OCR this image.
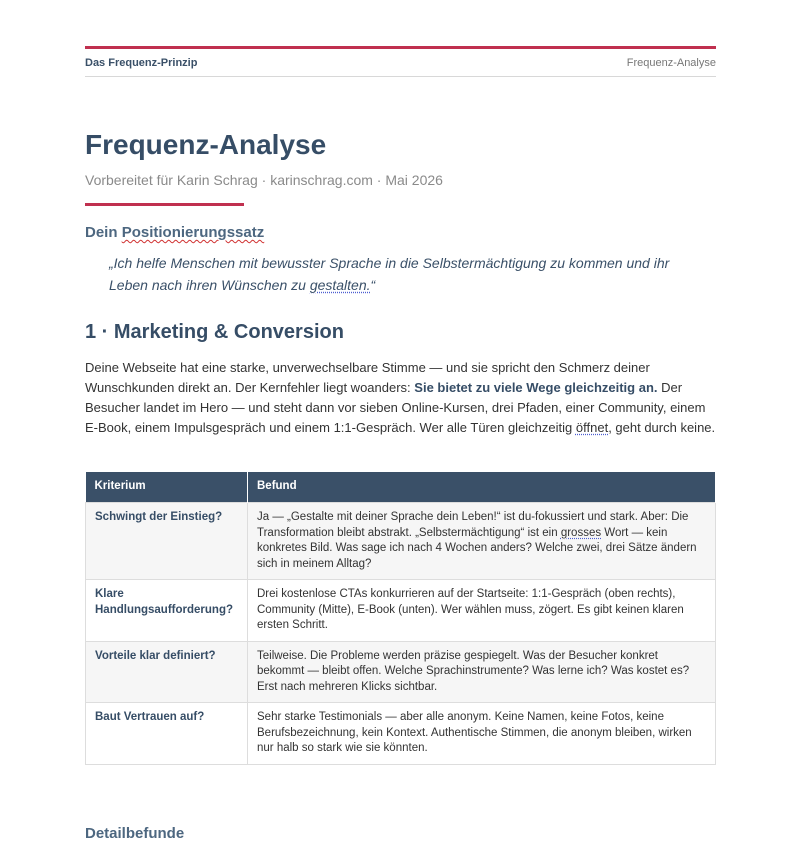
Das Frequenz-Prinzip	Frequenz-Analyse
Frequenz-Analyse
Vorbereitet für Karin Schrag · karinschrag.com · Mai 2026
Dein Positionierungssatz
„Ich helfe Menschen mit bewusster Sprache in die Selbstermächtigung zu kommen und ihr Leben nach ihren Wünschen zu gestalten.“
1 · Marketing & Conversion
Deine Webseite hat eine starke, unverwechselbare Stimme — und sie spricht den Schmerz deiner Wunschkunden direkt an. Der Kernfehler liegt woanders: Sie bietet zu viele Wege gleichzeitig an. Der Besucher landet im Hero — und steht dann vor sieben Online-Kursen, drei Pfaden, einer Community, einem E-Book, einem Impulsgespräch und einem 1:1-Gespräch. Wer alle Türen gleichzeitig öffnet, geht durch keine.
Kriterium	Befund
Schwingt der Einstieg?	Ja — „Gestalte mit deiner Sprache dein Leben!“ ist du-fokussiert und stark. Aber: Die Transformation bleibt abstrakt. „Selbstermächtigung“ ist ein grosses Wort — kein konkretes Bild. Was sage ich nach 4 Wochen anders? Welche zwei, drei Sätze ändern sich in meinem Alltag?
Klare Handlungsaufforderung?	Drei kostenlose CTAs konkurrieren auf der Startseite: 1:1-Gespräch (oben rechts), Community (Mitte), E-Book (unten). Wer wählen muss, zögert. Es gibt keinen klaren ersten Schritt.
Vorteile klar definiert?	Teilweise. Die Probleme werden präzise gespiegelt. Was der Besucher konkret bekommt — bleibt offen. Welche Sprachinstrumente? Was lerne ich? Was kostet es? Erst nach mehreren Klicks sichtbar.
Baut Vertrauen auf?	Sehr starke Testimonials — aber alle anonym. Keine Namen, keine Fotos, keine Berufsbezeichnung, kein Kontext. Authentische Stimmen, die anonym bleiben, wirken nur halb so stark wie sie könnten.
Detailbefunde
